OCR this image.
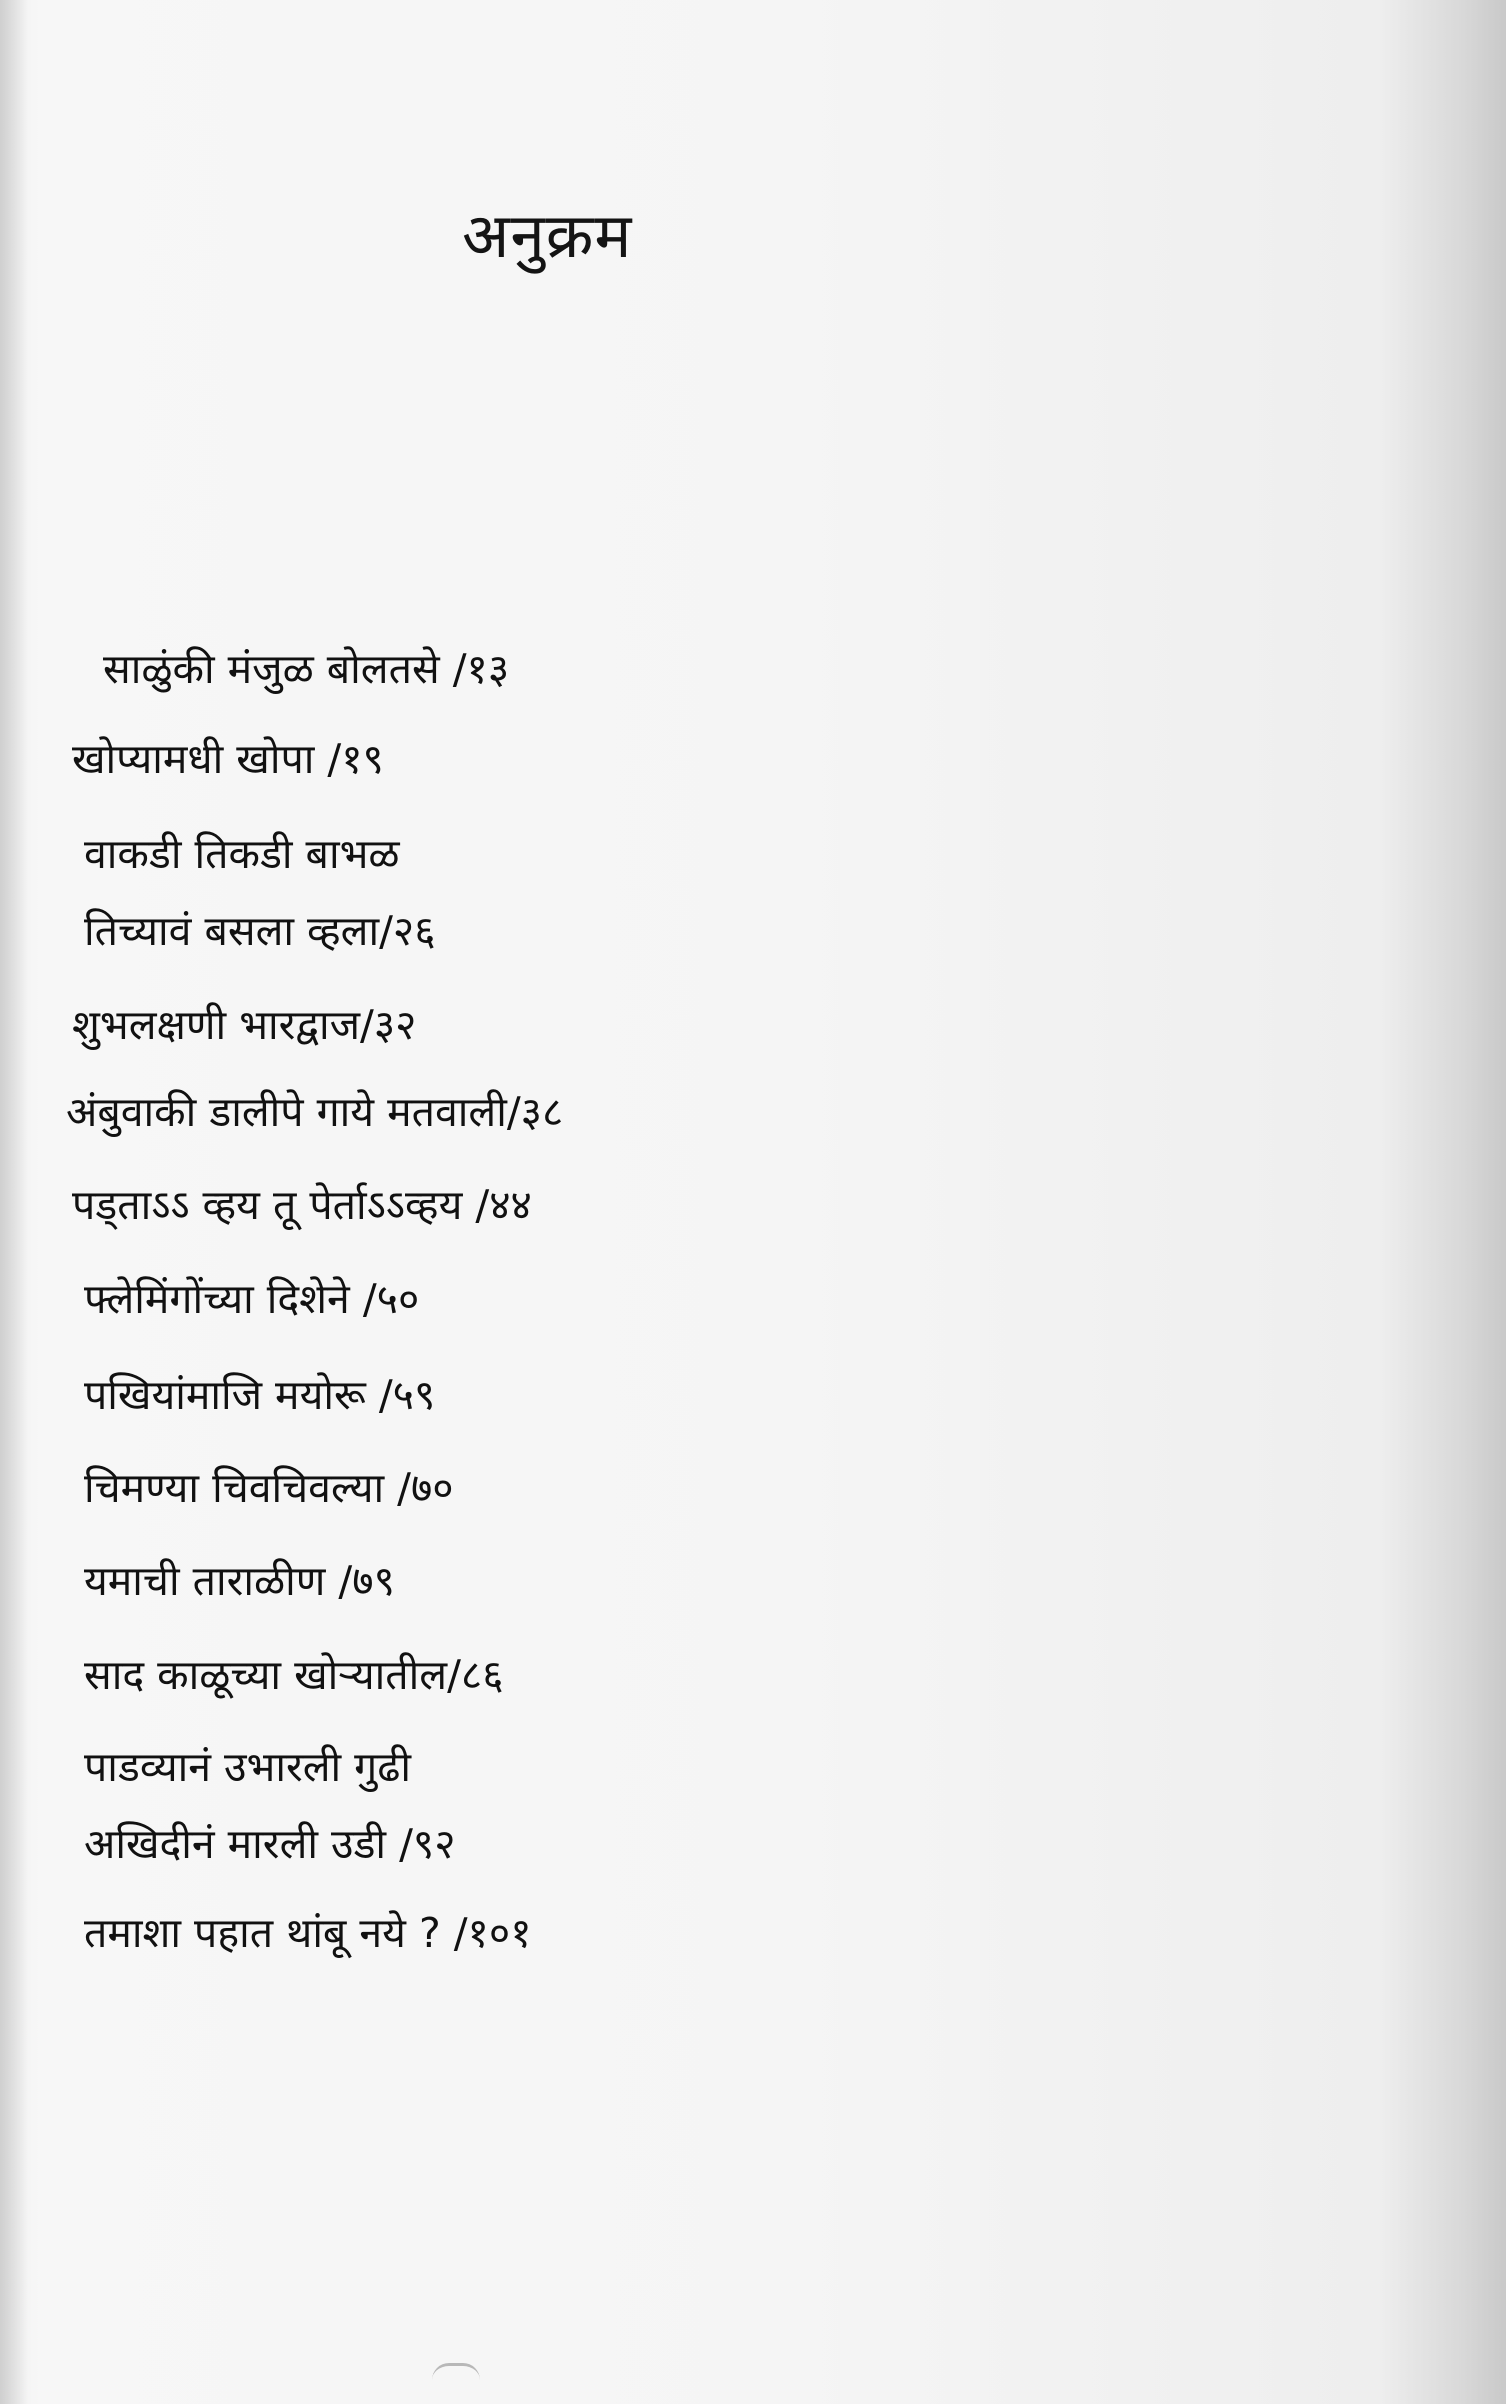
अनुक्रम
साळुंकी मंजुळ बोलतसे /१३
खोप्यामधी खोपा /१९
वाकडी तिकडी बाभळ
तिच्यावं बसला व्हला/२६
शुभलक्षणी भारद्वाज/३२
अंबुवाकी डालीपे गाये मतवाली/३८
पड्ताऽऽ व्हय तू पेर्ताऽऽव्हय /४४
फ्लेमिंगोंच्या दिशेने /५०
पखियांमाजि मयोरू /५९
चिमण्या चिवचिवल्या /७०
यमाची ताराळीण /७९
साद काळूच्या खोऱ्यातील/८६
पाडव्यानं उभारली गुढी
अखिदीनं मारली उडी /९२
तमाशा पहात थांबू नये ? /१०१
